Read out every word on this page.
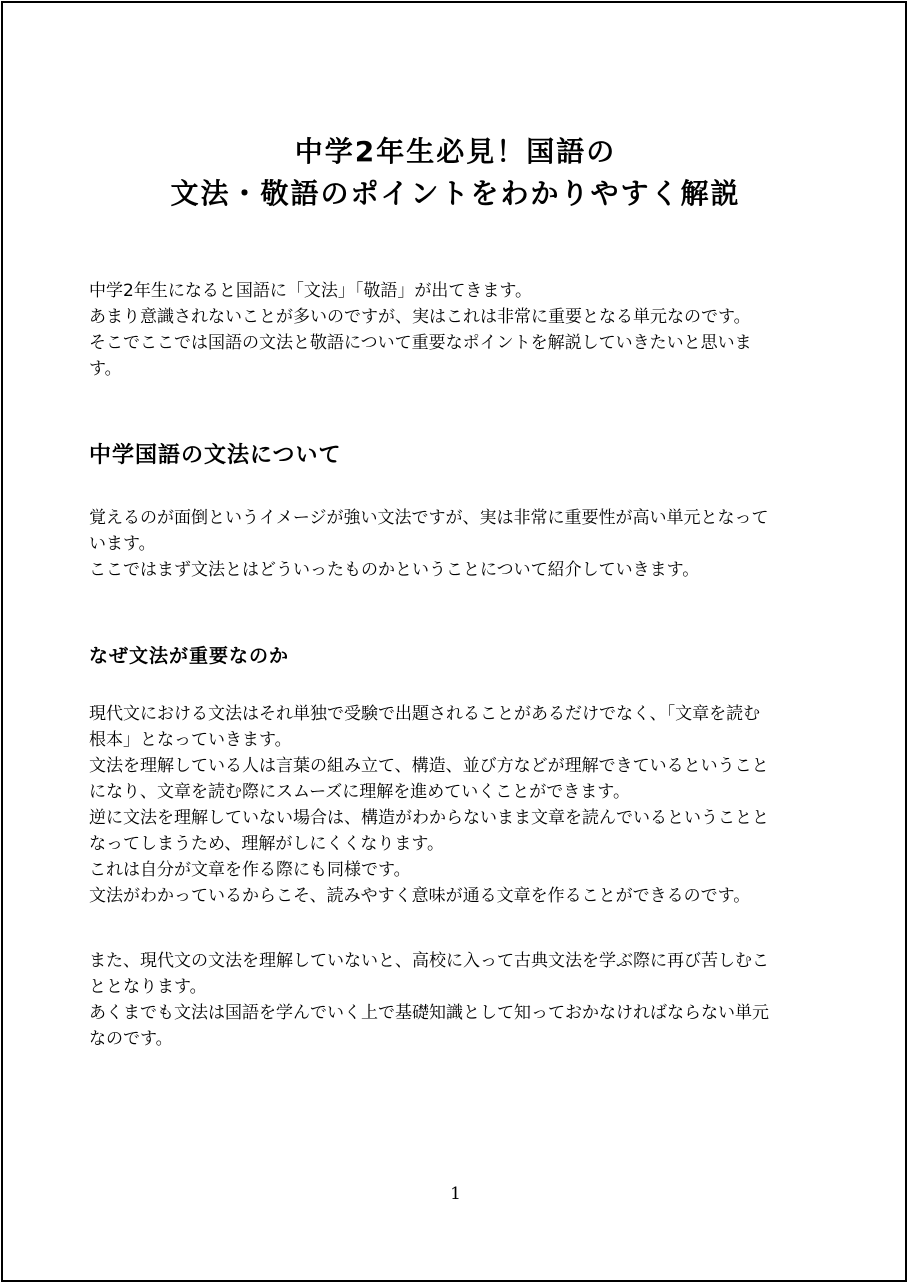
中学2年生必見！国語の
文法・敬語のポイントをわかりやすく解説

中学2年生になると国語に「文法」「敬語」が出てきます。
あまり意識されないことが多いのですが、実はこれは非常に重要となる単元なのです。
そこでここでは国語の文法と敬語について重要なポイントを解説していきたいと思いま
す。

中学国語の文法について

覚えるのが面倒というイメージが強い文法ですが、実は非常に重要性が高い単元となって
います。
ここではまず文法とはどういったものかということについて紹介していきます。

なぜ文法が重要なのか

現代文における文法はそれ単独で受験で出題されることがあるだけでなく、「文章を読む
根本」となっていきます。
文法を理解している人は言葉の組み立て、構造、並び方などが理解できているということ
になり、文章を読む際にスムーズに理解を進めていくことができます。
逆に文法を理解していない場合は、構造がわからないまま文章を読んでいるということと
なってしまうため、理解がしにくくなります。
これは自分が文章を作る際にも同様です。
文法がわかっているからこそ、読みやすく意味が通る文章を作ることができるのです。

また、現代文の文法を理解していないと、高校に入って古典文法を学ぶ際に再び苦しむこ
ととなります。
あくまでも文法は国語を学んでいく上で基礎知識として知っておかなければならない単元
なのです。

1
